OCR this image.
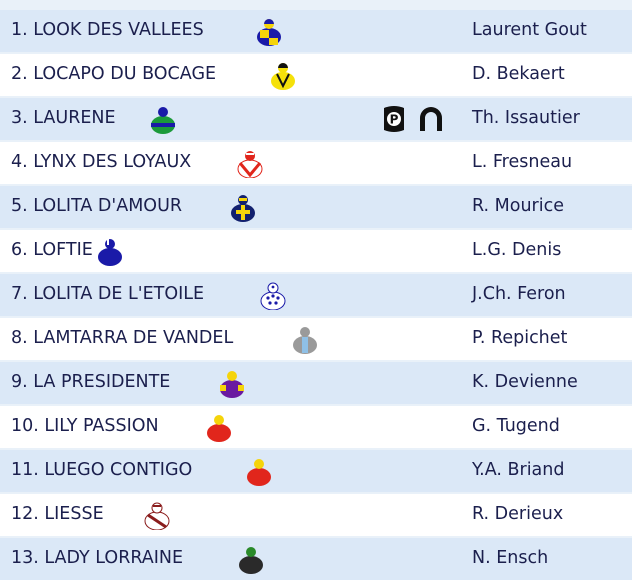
1. LOOK DES VALLEES	Laurent Gout
2. LOCAPO DU BOCAGE	D. Bekaert
3. LAURENE	P	Th. Issautier
4. LYNX DES LOYAUX	L. Fresneau
5. LOLITA D'AMOUR	R. Mourice
6. LOFTIE	L.G. Denis
7. LOLITA DE L'ETOILE	J.Ch. Feron
8. LAMTARRA DE VANDEL	P. Repichet
9. LA PRESIDENTE	K. Devienne
10. LILY PASSION	G. Tugend
11. LUEGO CONTIGO	Y.A. Briand
12. LIESSE	R. Derieux
13. LADY LORRAINE	N. Ensch
